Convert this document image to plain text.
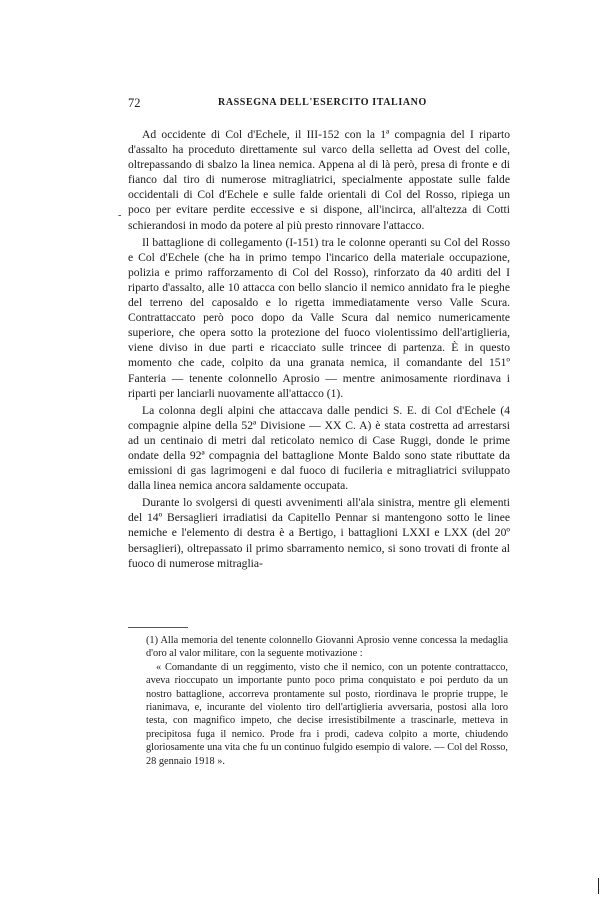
72	RASSEGNA DELL'ESERCITO ITALIANO
-

Ad occidente di Col d'Echele, il III-152 con la 1ª compagnia del I riparto d'assalto ha proceduto direttamente sul varco della selletta ad Ovest del colle, oltrepassando di sbalzo la linea nemica. Appena al di là però, presa di fronte e di fianco dal tiro di numerose mitragliatrici, specialmente appostate sulle falde occidentali di Col d'Echele e sulle falde orientali di Col del Rosso, ripiega un poco per evitare perdite eccessive e si dispone, all'incirca, all'altezza di Cotti schierandosi in modo da potere al più presto rinnovare l'attacco.

Il battaglione di collegamento (I-151) tra le colonne operanti su Col del Rosso e Col d'Echele (che ha in primo tempo l'incarico della materiale occupazione, polizia e primo rafforzamento di Col del Rosso), rinforzato da 40 arditi del I riparto d'assalto, alle 10 attacca con bello slancio il nemico annidato fra le pieghe del terreno del caposaldo e lo rigetta immediatamente verso Valle Scura. Contrattaccato però poco dopo da Valle Scura dal nemico numericamente superiore, che opera sotto la protezione del fuoco violentissimo dell'artiglieria, viene diviso in due parti e ricacciato sulle trincee di partenza. È in questo momento che cade, colpito da una granata nemica, il comandante del 151º Fanteria — tenente colonnello Aprosio — mentre animosamente riordinava i riparti per lanciarli nuovamente all'attacco (1).

La colonna degli alpini che attaccava dalle pendici S. E. di Col d'Echele (4 compagnie alpine della 52ª Divisione — XX C. A) è stata costretta ad arrestarsi ad un centinaio di metri dal reticolato nemico di Case Ruggi, donde le prime ondate della 92ª compagnia del battaglione Monte Baldo sono state ributtate da emissioni di gas lagrimogeni e dal fuoco di fucileria e mitragliatrici sviluppato dalla linea nemica ancora saldamente occupata.

Durante lo svolgersi di questi avvenimenti all'ala sinistra, mentre gli elementi del 14º Bersaglieri irradiatisi da Capitello Pennar si mantengono sotto le linee nemiche e l'elemento di destra è a Bertigo, i battaglioni LXXI e LXX (del 20º bersaglieri), oltrepassato il primo sbarramento nemico, si sono trovati di fronte al fuoco di numerose mitraglia-

(1) Alla memoria del tenente colonnello Giovanni Aprosio venne concessa la medaglia d'oro al valor militare, con la seguente motivazione :

« Comandante di un reggimento, visto che il nemico, con un potente contrattacco, aveva rioccupato un importante punto poco prima conquistato e poi perduto da un nostro battaglione, accorreva prontamente sul posto, riordinava le proprie truppe, le rianimava, e, incurante del violento tiro dell'artiglieria avversaria, postosi alla loro testa, con magnifico impeto, che decise irresistibilmente a trascinarle, metteva in precipitosa fuga il nemico. Prode fra i prodi, cadeva colpito a morte, chiudendo gloriosamente una vita che fu un continuo fulgido esempio di valore. — Col del Rosso, 28 gennaio 1918 ».
